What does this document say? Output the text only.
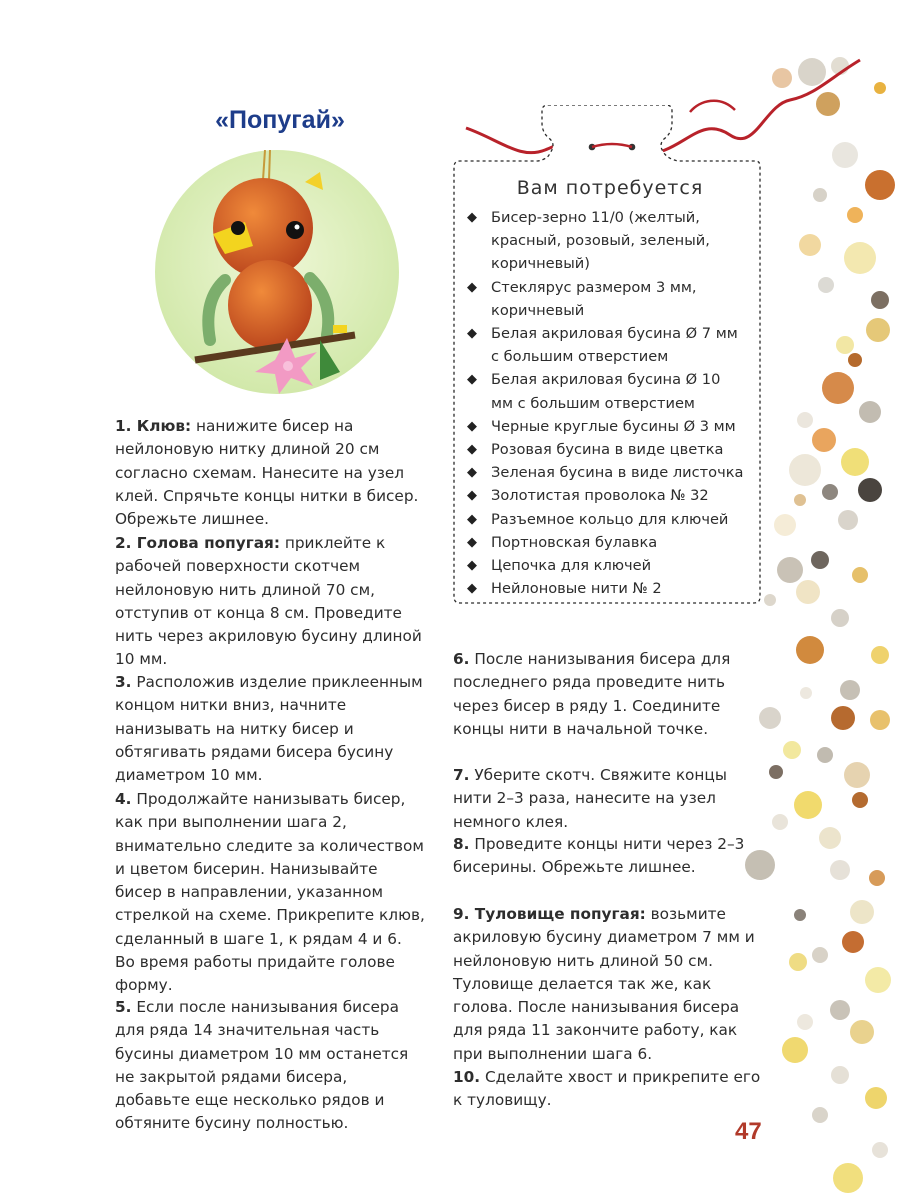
Вам потребуется
◆ Бисер-зерно 11/0 (желтый, красный, розовый, зеленый, коричневый)
◆ Стеклярус размером 3 мм, коричневый
◆ Белая акриловая бусина Ø 7 мм с большим отверстием
◆ Белая акриловая бусина Ø 10 мм с большим отверстием
◆ Черные круглые бусины Ø 3 мм
◆ Розовая бусина в виде цветка
◆ Зеленая бусина в виде листочка
◆ Золотистая проволока № 32
◆ Разъемное кольцо для ключей
◆ Портновская булавка
◆ Цепочка для ключей
◆ Нейлоновые нити № 2
«Попугай»
1. Клюв: нанижите бисер на нейлоновую нитку длиной 20 см согласно схемам. Нанесите на узел клей. Спрячьте концы нитки в бисер. Обрежьте лишнее.
2. Голова попугая: приклейте к рабочей поверхности скотчем нейлоновую нить длиной 70 см, отступив от конца 8 см. Проведите нить через акриловую бусину длиной 10 мм.
3. Расположив изделие приклеенным концом нитки вниз, начните нанизывать на нитку бисер и обтягивать рядами бисера бусину диаметром 10 мм.
4. Продолжайте нанизывать бисер, как при выполнении шага 2, внимательно следите за количеством и цветом бисерин. Нанизывайте бисер в направлении, указанном стрелкой на схеме. Прикрепите клюв, сделанный в шаге 1, к рядам 4 и 6. Во время работы придайте голове форму.
5. Если после нанизывания бисера для ряда 14 значительная часть бусины диаметром 10 мм останется не закрытой рядами бисера, добавьте еще несколько рядов и обтяните бусину полностью.
6. После нанизывания бисера для последнего ряда проведите нить через бисер в ряду 1. Соедините концы нити в начальной точке.
7. Уберите скотч. Свяжите концы нити 2–3 раза, нанесите на узел немного клея.
8. Проведите концы нити через 2–3 бисерины. Обрежьте лишнее.
9. Туловище попугая: возьмите акриловую бусину диаметром 7 мм и нейлоновую нить длиной 50 см. Туловище делается так же, как голова. После нанизывания бисера для ряда 11 закончите работу, как при выполнении шага 6.
10. Сделайте хвост и прикрепите его к туловищу.
47
